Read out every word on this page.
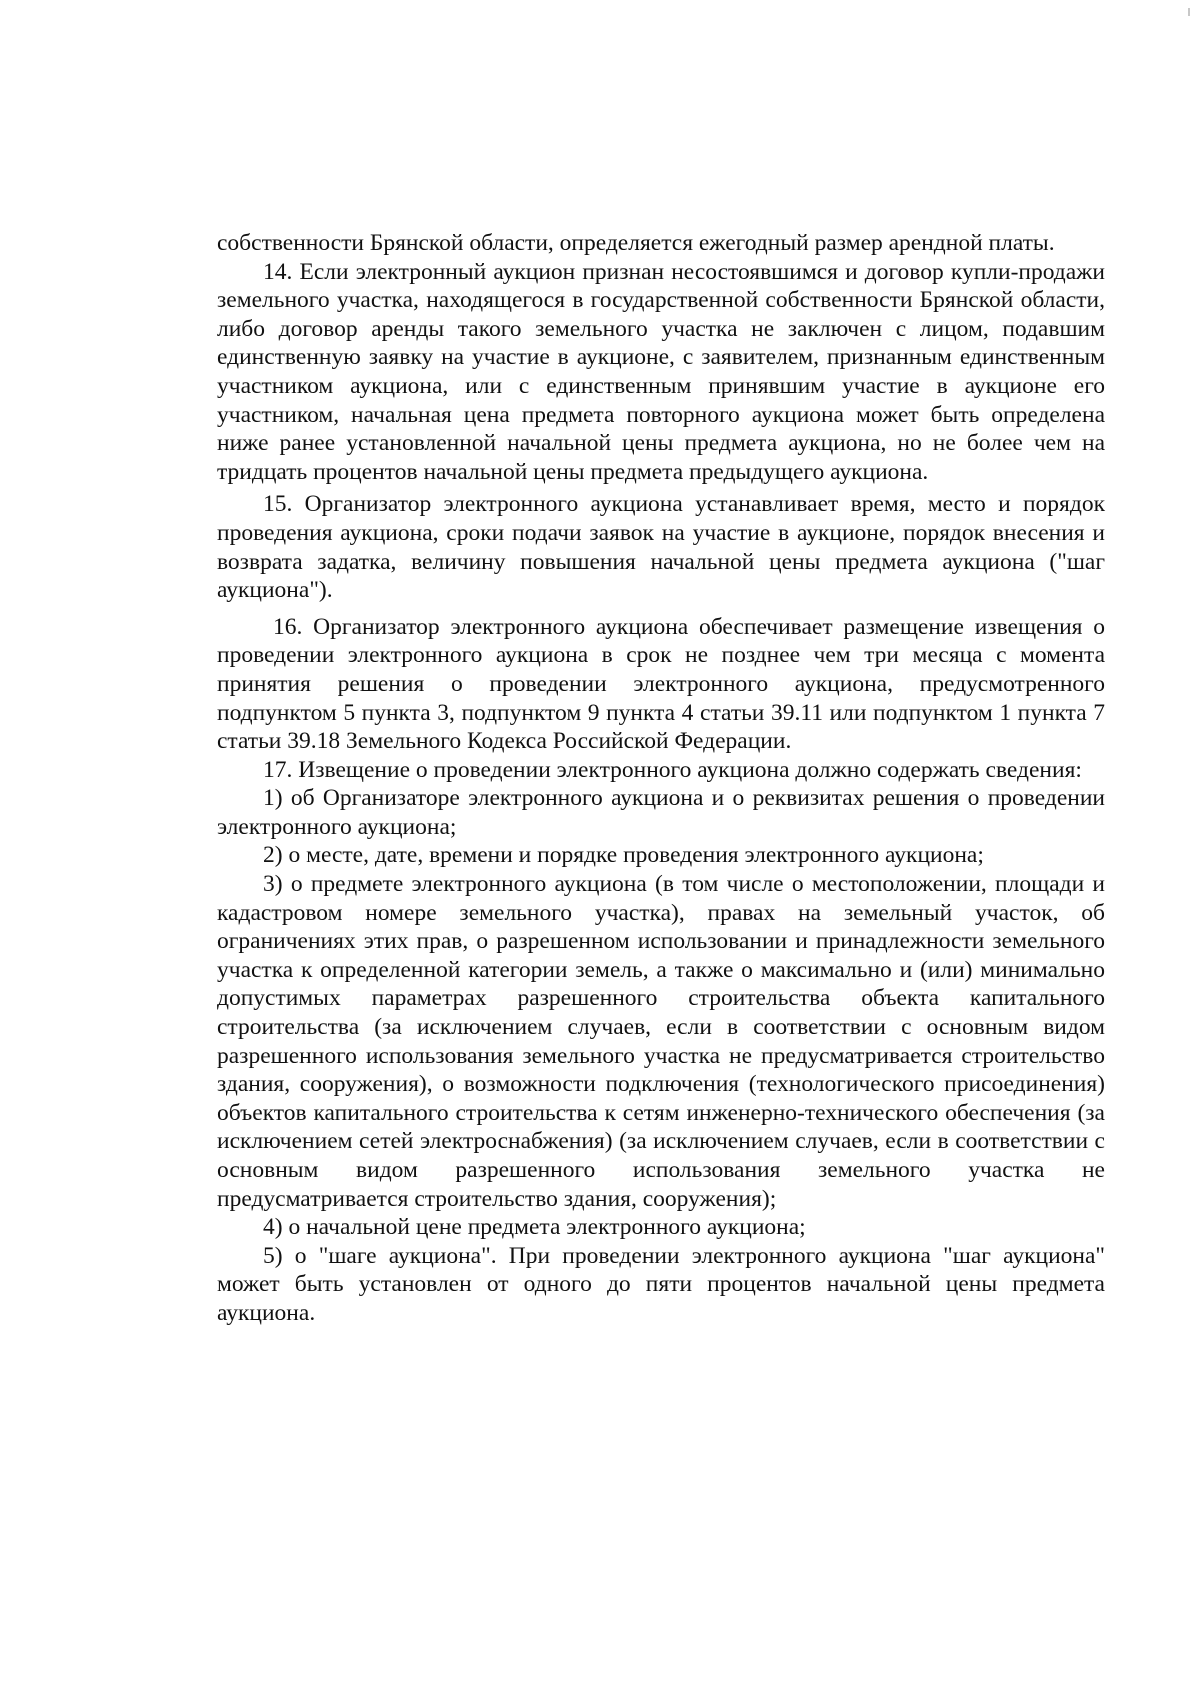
собственности Брянской области, определяется ежегодный размер арендной платы.

14. Если электронный аукцион признан несостоявшимся и договор купли-продажи земельного участка, находящегося в государственной собственности Брянской области, либо договор аренды такого земельного участка не заключен с лицом, подавшим единственную заявку на участие в аукционе, с заявителем, признанным единственным участником аукциона, или с единственным принявшим участие в аукционе его участником, начальная цена предмета повторного аукциона может быть определена ниже ранее установленной начальной цены предмета аукциона, но не более чем на тридцать процентов начальной цены предмета предыдущего аукциона.

15. Организатор электронного аукциона устанавливает время, место и порядок проведения аукциона, сроки подачи заявок на участие в аукционе, порядок внесения и возврата задатка, величину повышения начальной цены предмета аукциона ("шаг аукциона").

16. Организатор электронного аукциона обеспечивает размещение извещения о проведении электронного аукциона в срок не позднее чем три месяца с момента принятия решения о проведении электронного аукциона, предусмотренного подпунктом 5 пункта 3, подпунктом 9 пункта 4 статьи 39.11 или подпунктом 1 пункта 7 статьи 39.18 Земельного Кодекса Российской Федерации.

17. Извещение о проведении электронного аукциона должно содержать сведения:

1) об Организаторе электронного аукциона и о реквизитах решения о проведении электронного аукциона;

2) о месте, дате, времени и порядке проведения электронного аукциона;

3) о предмете электронного аукциона (в том числе о местоположении, площади и кадастровом номере земельного участка), правах на земельный участок, об ограничениях этих прав, о разрешенном использовании и принадлежности земельного участка к определенной категории земель, а также о максимально и (или) минимально допустимых параметрах разрешенного строительства объекта капитального строительства (за исключением случаев, если в соответствии с основным видом разрешенного использования земельного участка не предусматривается строительство здания, сооружения), о возможности подключения (технологического присоединения) объектов капитального строительства к сетям инженерно-технического обеспечения (за исключением сетей электроснабжения) (за исключением случаев, если в соответствии с основным видом разрешенного использования земельного участка не предусматривается строительство здания, сооружения);

4) о начальной цене предмета электронного аукциона;

5) о "шаге аукциона". При проведении электронного аукциона "шаг аукциона" может быть установлен от одного до пяти процентов начальной цены предмета аукциона.
